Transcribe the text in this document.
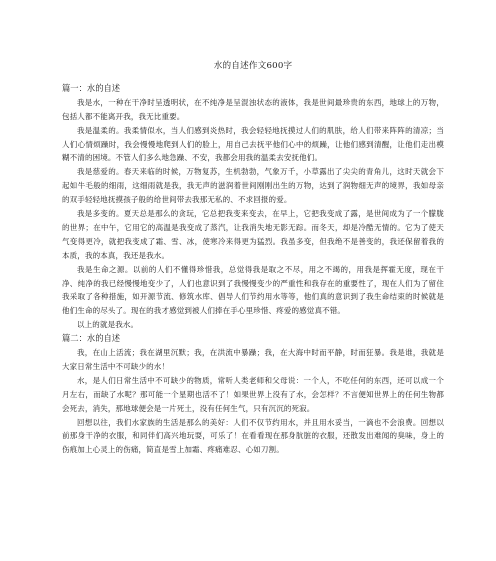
水的自述作文600字
篇一：水的自述

我是水，一种在干净时呈透明状，在不纯净是呈混浊状态的液体，我是世间最珍贵的东西，地球上的万物，包括人都不能离开我，我无比重要。

我是温柔的。我柔情似水，当人们感到炎热时，我会轻轻地抚摸过人们的肌肤，给人们带来阵阵的清凉；当人们心情烦躁时，我会慢慢地爬到人们的脸上，用自己去抚平他们心中的烦躁，让他们感到清醒，让他们走出模糊不清的困境。不管人们多么地急躁、不安，我都会用我的温柔去安抚他们。

我是慈爱的。春天来临的时候，万物复苏，生机勃勃，气象万千，小草露出了尖尖的青角儿，这时天就会下起如牛毛般的细雨，这细雨就是我，我无声的滋润着世间刚刚出生的万物，达到了润物细无声的境界，我如母亲的双手轻轻地抚摸孩子般的给世间带去我那无私的、不求回报的爱。

我是多变的。夏天总是那么的贪玩，它总把我变来变去，在早上，它把我变成了露，是世间成为了一个朦胧的世界；在中午，它用它的高温是我变成了蒸汽，让我消失地无影无踪。而冬天，却是冷酷无情的。它为了使天气变得更冷，就把我变成了霜、雪、冰，使寒冷来得更为猛烈。我虽多变，但我绝不是善变的，我还保留着我的本质，我的本真，我还是我水。

我是生命之源。以前的人们不懂得珍惜我，总觉得我是取之不尽，用之不竭的，用我是挥霍无度，现在干净、纯净的我已经慢慢地变少了，人们也意识到了我慢慢变少的严重性和我存在的重要性了，现在人们为了留住我采取了各种措施，如开源节流、修筑水库、倡导人们节约用水等等，他们真的意识到了我生命结束的时候就是他们生命的尽头了。现在的我才感觉到被人们捧在手心里珍惜、疼爱的感觉真不错。

以上的就是我水。

篇二：水的自述

我，在山上活流；我在湖里沉默；我，在洪流中暴躁；我，在大海中时而平静，时而狂暴。我是谁，我就是大家日常生活中不可缺少的水！

水，是人们日常生活中不可缺少的物质，常听人类老师和父母说：一个人，不吃任何的东西，还可以成一个月左右，而缺了水呢？那可能一个星期也活不了！如果世界上没有了水，会怎样？不言便知世界上的任何生物都会死去，消失，那地球便会是一片死土，没有任何生气，只有沉沉的死寂。

回想以往，我们水家族的生活是那么的美好：人们不仅节约用水，并且用水妥当，一滴也不会浪费。回想以前那身干净的衣服，和同伴们高兴地玩耍，可乐了！在看看现在那身肮脏的衣服，还散发出难闻的臭味，身上的伤痕加上心灵上的伤痛，简直是雪上加霜、疼痛难忍、心如刀割。
